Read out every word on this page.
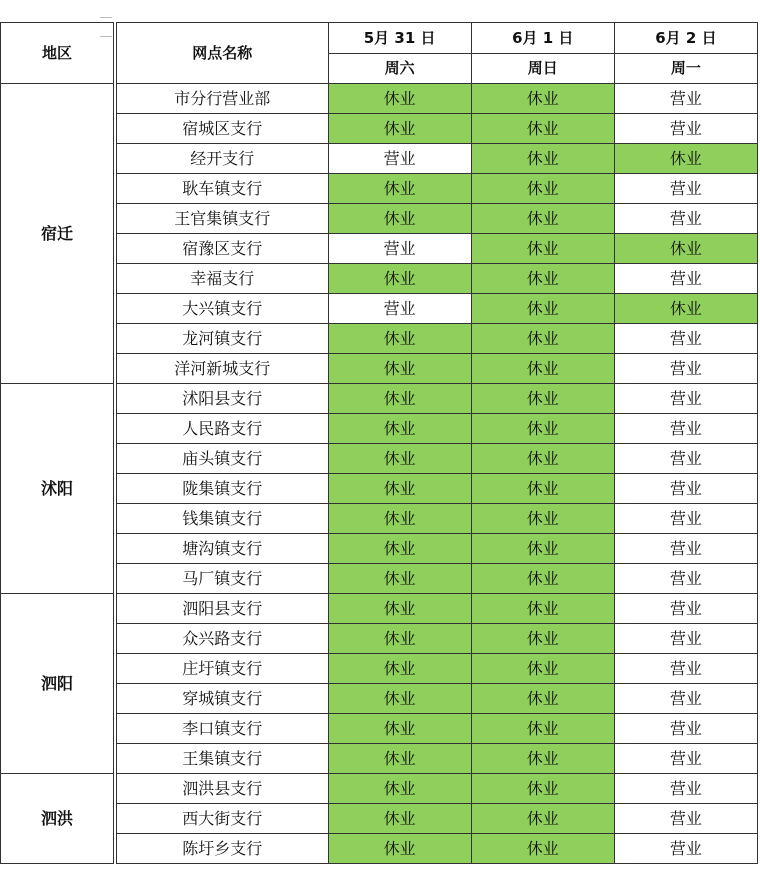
地区		网点名称	5月 31 日	6月 1 日	6月 2 日
			周六	周日	周一
宿迁		市分行营业部	休业	休业	营业
		宿城区支行	休业	休业	营业
		经开支行	营业	休业	休业
		耿车镇支行	休业	休业	营业
		王官集镇支行	休业	休业	营业
		宿豫区支行	营业	休业	休业
		幸福支行	休业	休业	营业
		大兴镇支行	营业	休业	休业
		龙河镇支行	休业	休业	营业
		洋河新城支行	休业	休业	营业
沭阳		沭阳县支行	休业	休业	营业
		人民路支行	休业	休业	营业
		庙头镇支行	休业	休业	营业
		陇集镇支行	休业	休业	营业
		钱集镇支行	休业	休业	营业
		塘沟镇支行	休业	休业	营业
		马厂镇支行	休业	休业	营业
泗阳		泗阳县支行	休业	休业	营业
		众兴路支行	休业	休业	营业
		庄圩镇支行	休业	休业	营业
		穿城镇支行	休业	休业	营业
		李口镇支行	休业	休业	营业
		王集镇支行	休业	休业	营业
泗洪		泗洪县支行	休业	休业	营业
		西大街支行	休业	休业	营业
		陈圩乡支行	休业	休业	营业
